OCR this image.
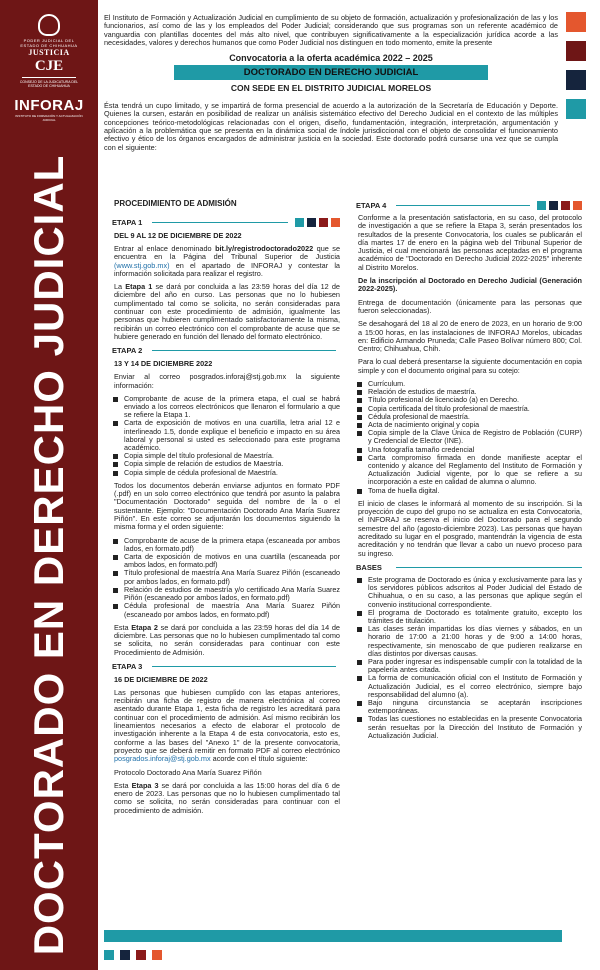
PODER JUDICIAL DEL ESTADO DE CHIHUAHUA
JUSTICIA
CJE
CONSEJO DE LA JUDICATURA DEL ESTADO DE CHIHUAHUA
INFORAJ
INSTITUTO DE FORMACIÓN Y ACTUALIZACIÓN JUDICIAL
DOCTORADO EN DERECHO JUDICIAL

El Instituto de Formación y Actualización Judicial en cumplimiento de su objeto de formación, actualización y profesionalización de las y los funcionarios, así como de las y los empleados del Poder Judicial; considerando que sus programas son un referente académico de vanguardia con plantillas docentes del más alto nivel, que contribuyen significativamente a la especialización jurídica acorde a las necesidades, valores y derechos humanos que como Poder Judicial nos distinguen en todo momento, emite la presente

Convocatoria a la oferta académica 2022 – 2025
DOCTORADO EN DERECHO JUDICIAL
CON SEDE EN EL DISTRITO JUDICIAL MORELOS

Ésta tendrá un cupo limitado, y se impartirá de forma presencial de acuerdo a la autorización de la Secretaría de Educación y Deporte. Quienes la cursen, estarán en posibilidad de realizar un análisis sistemático efectivo del Derecho Judicial en el contexto de las múltiples concepciones teórico-metodológicas relacionadas con el origen, diseño, fundamentación, integración, interpretación, argumentación y aplicación a la problemática que se presenta en la dinámica social de índole jurisdiccional con el objeto de consolidar el funcionamiento efectivo y ético de los órganos encargados de administrar justicia en la sociedad. Este doctorado podrá cursarse una vez que se cumpla con el siguiente:

PROCEDIMIENTO DE ADMISIÓN
ETAPA 1
DEL 9 AL 12 DE DICIEMBRE DE 2022

Entrar al enlace denominado bit.ly/registrodoctorado2022 que se encuentra en la Página del Tribunal Superior de Justicia (www.stj.gob.mx) en el apartado de INFORAJ y contestar la información solicitada para realizar el registro.

La Etapa 1 se dará por concluida a las 23:59 horas del día 12 de diciembre del año en curso. Las personas que no lo hubiesen cumplimentado tal como se solicita, no serán consideradas para continuar con este procedimiento de admisión, igualmente las personas que hubieren cumplimentado satisfactoriamente la misma, recibirán un correo electrónico con el comprobante de acuse que se hubiere generado en función del llenado del formato electrónico.

ETAPA 2
13 Y 14 DE DICIEMBRE 2022

Enviar al correo posgrados.inforaj@stj.gob.mx la siguiente información:

Comprobante de acuse de la primera etapa, el cual se habrá enviado a los correos electrónicos que llenaron el formulario a que se refiere la Etapa 1.
Carta de exposición de motivos en una cuartilla, letra arial 12 e interlineado 1.5, donde explique el beneficio e impacto en su área laboral y personal si usted es seleccionado para este programa académico.
Copia simple del título profesional de Maestría.
Copia simple de relación de estudios de Maestría.
Copia simple de cédula profesional de Maestría.

Todos los documentos deberán enviarse adjuntos en formato PDF (.pdf) en un solo correo electrónico que tendrá por asunto la palabra "Documentación Doctorado" seguida del nombre de la o el sustentante. Ejemplo: "Documentación Doctorado Ana María Suarez Piñón". En este correo se adjuntarán los documentos siguiendo la misma forma y el orden siguiente:

Comprobante de acuse de la primera etapa (escaneada por ambos lados, en formato.pdf)
Carta de exposición de motivos en una cuartilla (escaneada por ambos lados, en formato.pdf)
Título profesional de maestría Ana María Suarez Piñón (escaneado por ambos lados, en formato.pdf)
Relación de estudios de maestría y/o certificado Ana María Suarez Piñón (escaneado por ambos lados, en formato.pdf)
Cédula profesional de maestría Ana María Suarez Piñón (escaneado por ambos lados, en formato.pdf)

Esta Etapa 2 se dará por concluida a las 23:59 horas del día 14 de diciembre. Las personas que no lo hubiesen cumplimentado tal como se solicita, no serán consideradas para continuar con este Procedimiento de Admisión.

ETAPA 3
16 DE DICIEMBRE DE 2022

Las personas que hubiesen cumplido con las etapas anteriores, recibirán una ficha de registro de manera electrónica al correo asentado durante Etapa 1, esta ficha de registro les acreditará para continuar con el procedimiento de admisión. Así mismo recibirán los lineamientos necesarios a efecto de elaborar el protocolo de investigación inherente a la Etapa 4 de esta convocatoria, esto es, conforme a las bases del "Anexo 1" de la presente convocatoria, proyecto que se deberá remitir en formato PDF al correo electrónico posgrados.inforaj@stj.gob.mx acorde con el título siguiente:

Protocolo Doctorado Ana María Suarez Piñón

Esta Etapa 3 se dará por concluida a las 15:00 horas del día 6 de enero de 2023. Las personas que no lo hubiesen cumplimentado tal como se solicita, no serán consideradas para continuar con el procedimiento de admisión.

ETAPA 4

Conforme a la presentación satisfactoria, en su caso, del protocolo de investigación a que se refiere la Etapa 3, serán presentados los resultados de la presente Convocatoria, los cuales se publicarán el día martes 17 de enero en la página web del Tribunal Superior de Justicia, el cual mencionará las personas aceptadas en el programa académico de "Doctorado en Derecho Judicial 2022-2025" inherente al Distrito Morelos.

De la inscripción al Doctorado en Derecho Judicial (Generación 2022-2025).

Entrega de documentación (únicamente para las personas que fueron seleccionadas).

Se desahogará del 18 al 20 de enero de 2023, en un horario de 9:00 a 15:00 horas, en las instalaciones de INFORAJ Morelos, ubicadas en: Edificio Armando Pruneda; Calle Paseo Bolívar número 800; Col. Centro; Chihuahua, Chih.

Para lo cual deberá presentarse la siguiente documentación en copia simple y con el documento original para su cotejo:

Currículum.
Relación de estudios de maestría.
Título profesional de licenciado (a) en Derecho.
Copia certificada del título profesional de maestría.
Cédula profesional de maestría.
Acta de nacimiento original y copia
Copia simple de la Clave Única de Registro de Población (CURP) y Credencial de Elector (INE).
Una fotografía tamaño credencial
Carta compromiso firmada en donde manifieste aceptar el contenido y alcance del Reglamento del Instituto de Formación y Actualización Judicial vigente, por lo que se refiere a su incorporación a este en calidad de alumna o alumno.
Toma de huella digital.

El inicio de clases le informará al momento de su inscripción. Si la proyección de cupo del grupo no se actualiza en esta Convocatoria, el INFORAJ se reserva el inicio del Doctorado para el segundo semestre del año (agosto-diciembre 2023). Las personas que hayan acreditado su lugar en el posgrado, mantendrán la vigencia de esta acreditación y no tendrán que llevar a cabo un nuevo proceso para su ingreso.

BASES
Este programa de Doctorado es única y exclusivamente para las y los servidores públicos adscritos al Poder Judicial del Estado de Chihuahua, o en su caso, a las personas que aplique según el convenio institucional correspondiente.
El programa de Doctorado es totalmente gratuito, excepto los trámites de titulación.
Las clases serán impartidas los días viernes y sábados, en un horario de 17:00 a 21:00 horas y de 9:00 a 14:00 horas, respectivamente, sin menoscabo de que pudieren realizarse en días distintos por diversas causas.
Para poder ingresar es indispensable cumplir con la totalidad de la papelería antes citada.
La forma de comunicación oficial con el Instituto de Formación y Actualización Judicial, es el correo electrónico, siempre bajo responsabilidad del alumno (a).
Bajo ninguna circunstancia se aceptarán inscripciones extemporáneas.
Todas las cuestiones no establecidas en la presente Convocatoria serán resueltas por la Dirección del Instituto de Formación y Actualización Judicial.
